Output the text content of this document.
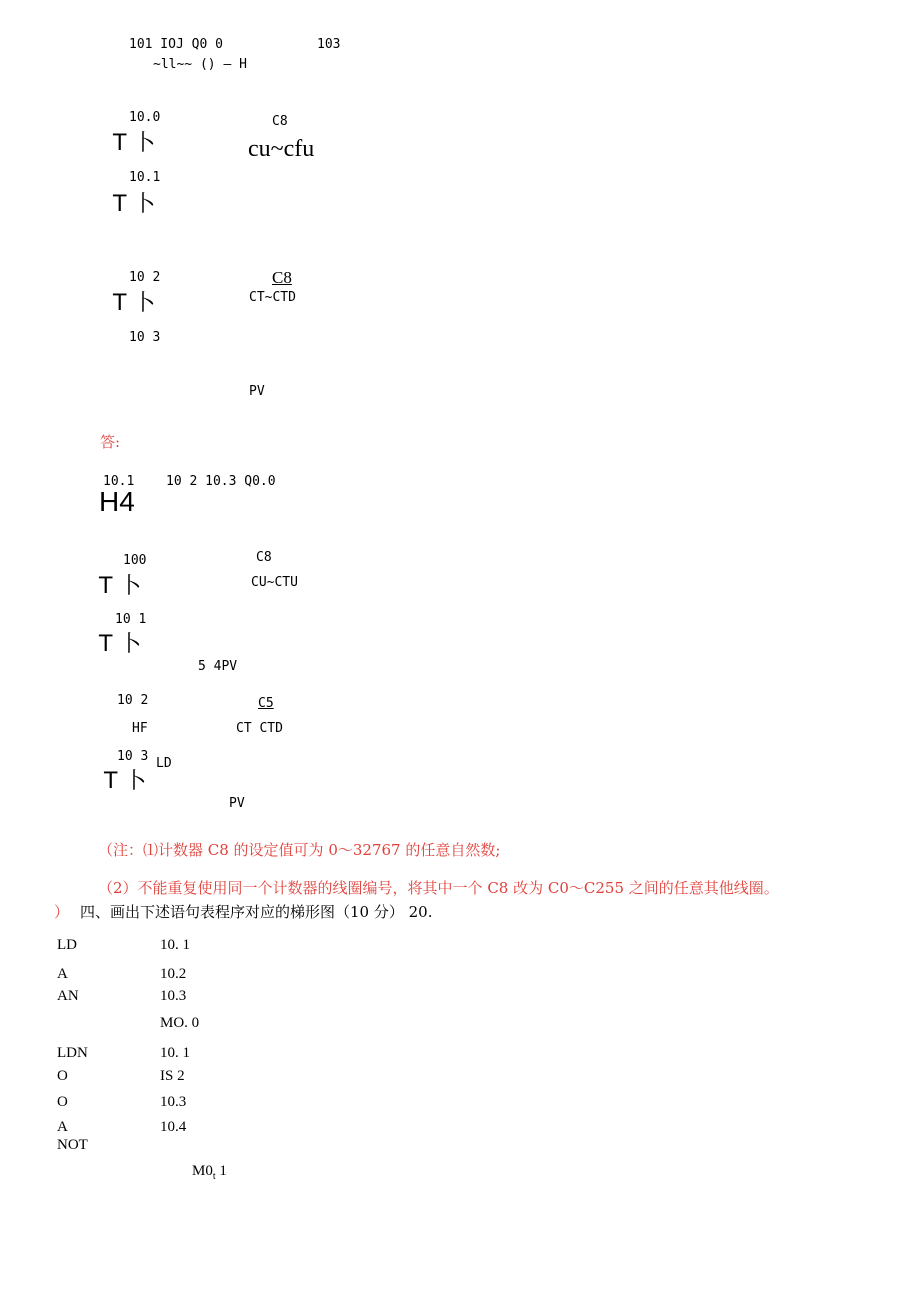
101 IOJ Q0 0	103
~ll~~ () — H
10.0
T 卜
C8
cu~cfu
10.1
T 卜
10 2	C8
CT~CTD
T 卜
10 3
PV
答:
10.1 10 2 10.3 Q0.0
H4
100	C8
CU~CTU
T 卜
10 1
T 卜
5 4PV
10 2	C5
HF	CT CTD
10 3 LD
T 卜
PV
（注：⑴计数器 C8 的设定值可为 0～32767 的任意自然数;
（2）不能重复使用同一个计数器的线圈编号，将其中一个 C8 改为 C0～C255 之间的任意其他线圈。
） 四、画出下述语句表程序对应的梯形图（10 分） 20.
LD	10. 1
A	10.2
AN	10.3
MO. 0
LDN	10. 1
O	IS 2
O	10.3
A	10.4
NOT
$M0_t$ 1
